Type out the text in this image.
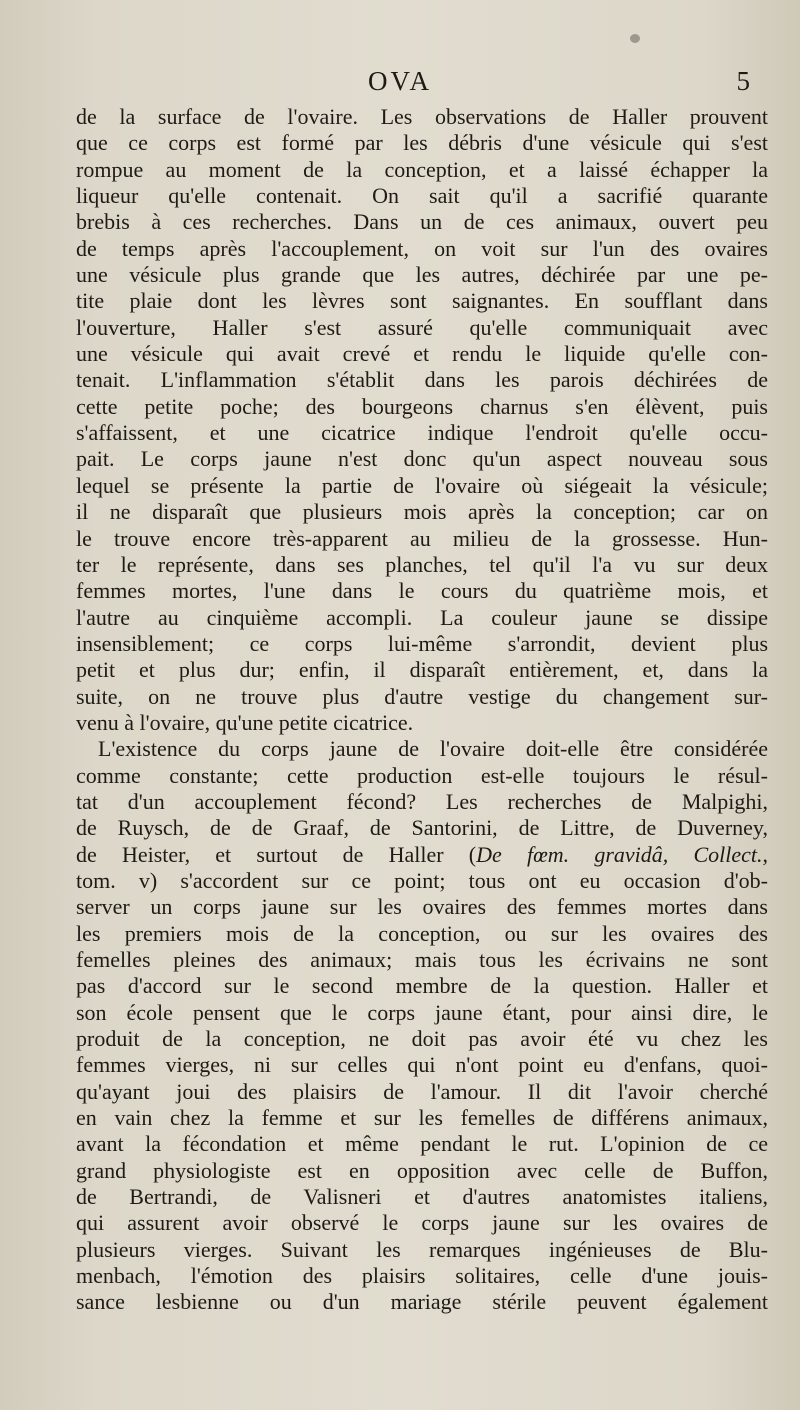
OVA	5
de la surface de l'ovaire. Les observations de Haller prouvent
que ce corps est formé par les débris d'une vésicule qui s'est
rompue au moment de la conception, et a laissé échapper la
liqueur qu'elle contenait. On sait qu'il a sacrifié quarante
brebis à ces recherches. Dans un de ces animaux, ouvert peu
de temps après l'accouplement, on voit sur l'un des ovaires
une vésicule plus grande que les autres, déchirée par une pe-
tite plaie dont les lèvres sont saignantes. En soufflant dans
l'ouverture, Haller s'est assuré qu'elle communiquait avec
une vésicule qui avait crevé et rendu le liquide qu'elle con-
tenait. L'inflammation s'établit dans les parois déchirées de
cette petite poche; des bourgeons charnus s'en élèvent, puis
s'affaissent, et une cicatrice indique l'endroit qu'elle occu-
pait. Le corps jaune n'est donc qu'un aspect nouveau sous
lequel se présente la partie de l'ovaire où siégeait la vésicule;
il ne disparaît que plusieurs mois après la conception; car on
le trouve encore très-apparent au milieu de la grossesse. Hun-
ter le représente, dans ses planches, tel qu'il l'a vu sur deux
femmes mortes, l'une dans le cours du quatrième mois, et
l'autre au cinquième accompli. La couleur jaune se dissipe
insensiblement; ce corps lui-même s'arrondit, devient plus
petit et plus dur; enfin, il disparaît entièrement, et, dans la
suite, on ne trouve plus d'autre vestige du changement sur-
venu à l'ovaire, qu'une petite cicatrice.
L'existence du corps jaune de l'ovaire doit-elle être considérée
comme constante; cette production est-elle toujours le résul-
tat d'un accouplement fécond? Les recherches de Malpighi,
de Ruysch, de de Graaf, de Santorini, de Littre, de Duverney,
de Heister, et surtout de Haller (De fœm. gravidâ, Collect.,
tom. v) s'accordent sur ce point; tous ont eu occasion d'ob-
server un corps jaune sur les ovaires des femmes mortes dans
les premiers mois de la conception, ou sur les ovaires des
femelles pleines des animaux; mais tous les écrivains ne sont
pas d'accord sur le second membre de la question. Haller et
son école pensent que le corps jaune étant, pour ainsi dire, le
produit de la conception, ne doit pas avoir été vu chez les
femmes vierges, ni sur celles qui n'ont point eu d'enfans, quoi-
qu'ayant joui des plaisirs de l'amour. Il dit l'avoir cherché
en vain chez la femme et sur les femelles de différens animaux,
avant la fécondation et même pendant le rut. L'opinion de ce
grand physiologiste est en opposition avec celle de Buffon,
de Bertrandi, de Valisneri et d'autres anatomistes italiens,
qui assurent avoir observé le corps jaune sur les ovaires de
plusieurs vierges. Suivant les remarques ingénieuses de Blu-
menbach, l'émotion des plaisirs solitaires, celle d'une jouis-
sance lesbienne ou d'un mariage stérile peuvent également
